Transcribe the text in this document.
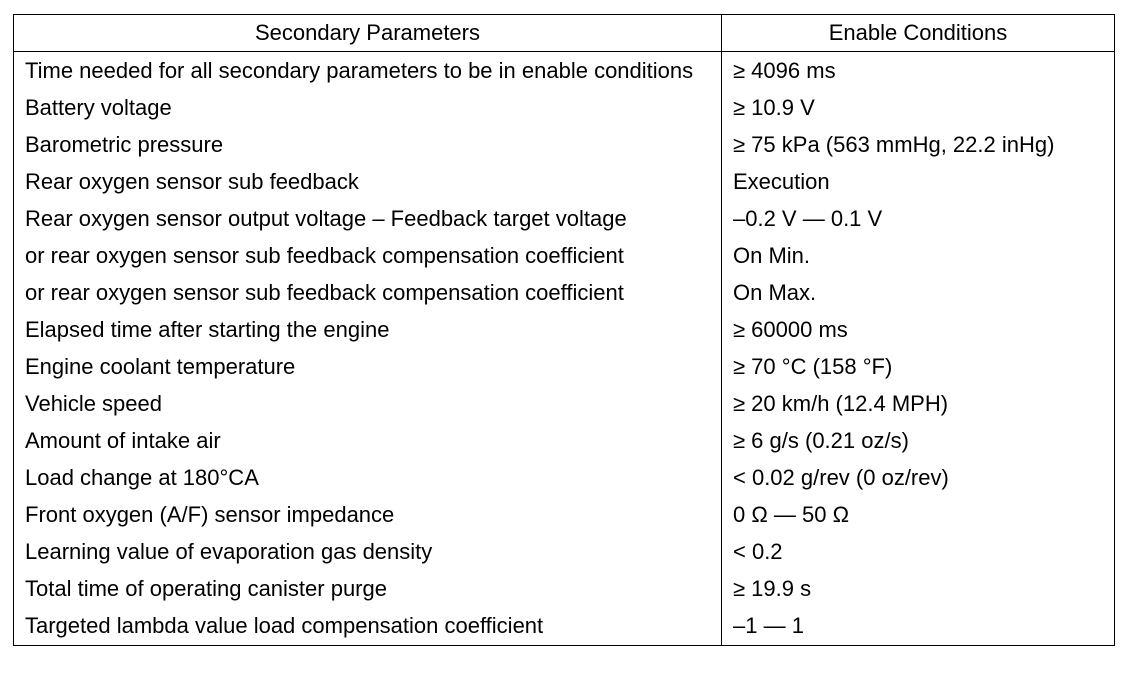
Secondary Parameters	Enable Conditions
Time needed for all secondary parameters to be in enable conditions	≥ 4096 ms
Battery voltage	≥ 10.9 V
Barometric pressure	≥ 75 kPa (563 mmHg, 22.2 inHg)
Rear oxygen sensor sub feedback	Execution
Rear oxygen sensor output voltage – Feedback target voltage	–0.2 V — 0.1 V
or rear oxygen sensor sub feedback compensation coefficient	On Min.
or rear oxygen sensor sub feedback compensation coefficient	On Max.
Elapsed time after starting the engine	≥ 60000 ms
Engine coolant temperature	≥ 70 °C (158 °F)
Vehicle speed	≥ 20 km/h (12.4 MPH)
Amount of intake air	≥ 6 g/s (0.21 oz/s)
Load change at 180°CA	< 0.02 g/rev (0 oz/rev)
Front oxygen (A/F) sensor impedance	0 Ω — 50 Ω
Learning value of evaporation gas density	< 0.2
Total time of operating canister purge	≥ 19.9 s
Targeted lambda value load compensation coefficient	–1 — 1
